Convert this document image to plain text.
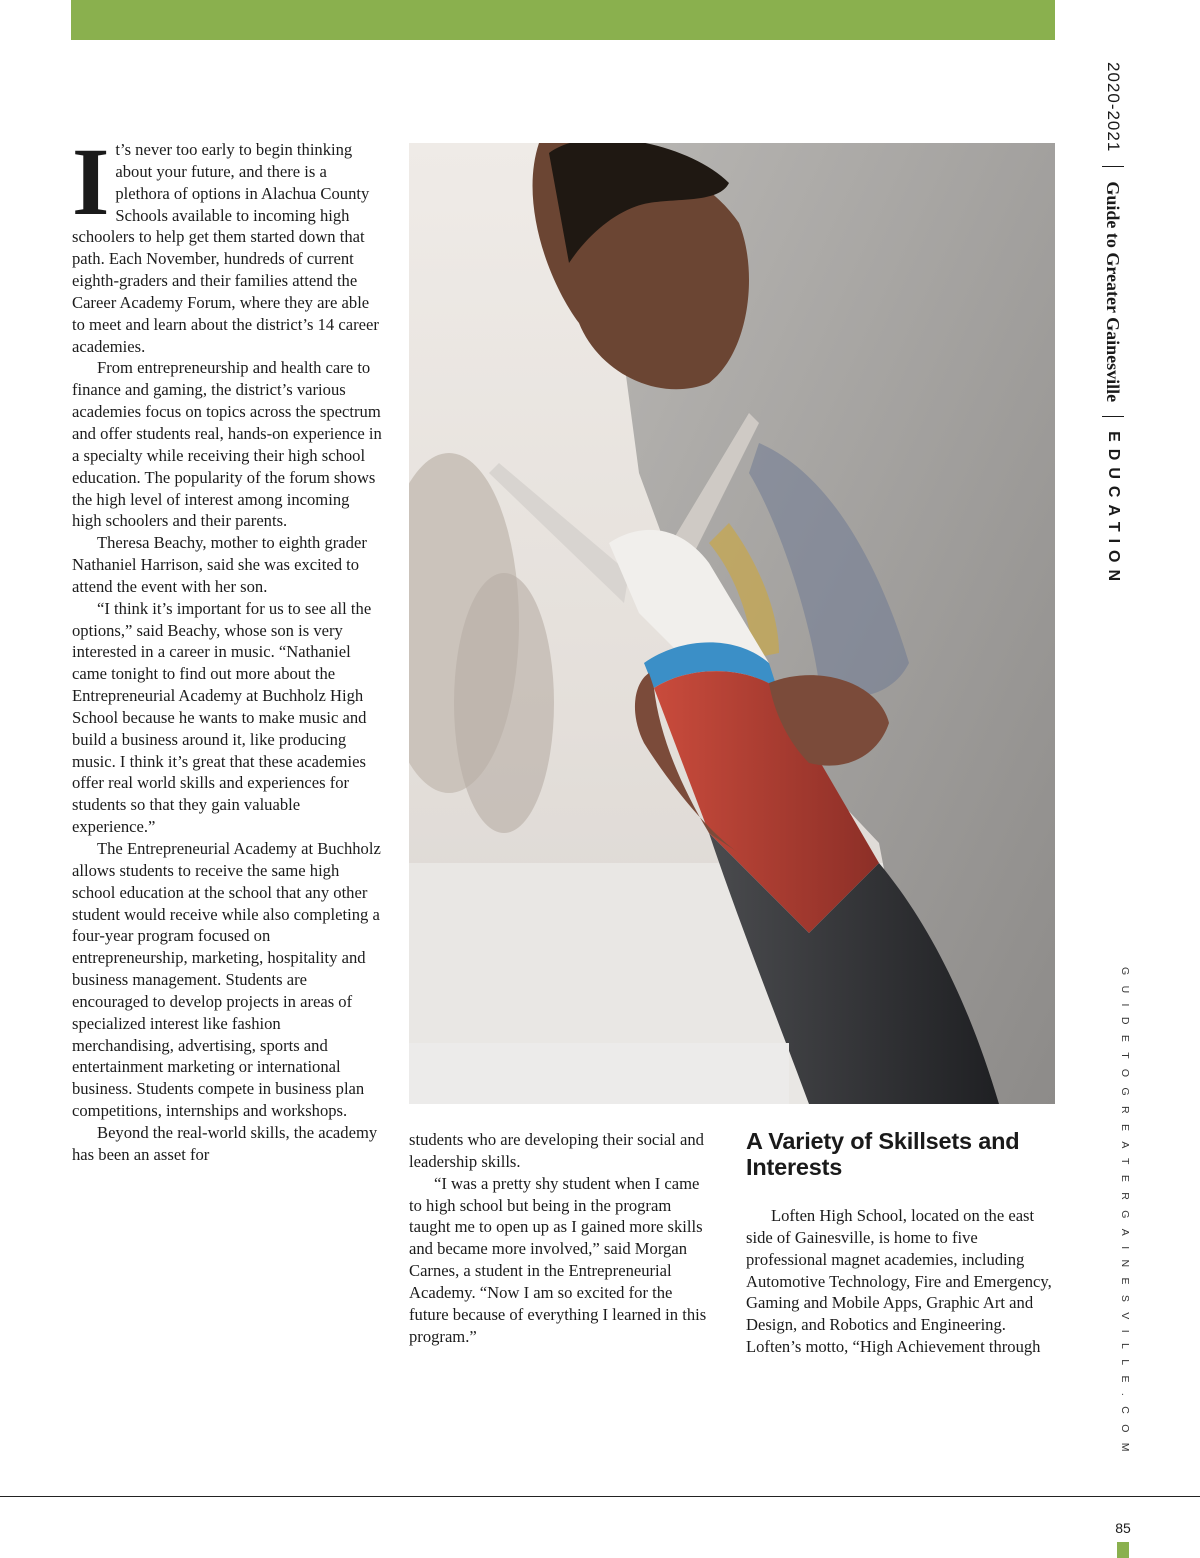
2020-2021
Guide to Greater Gainesville
EDUCATION
GUIDETOGREATERGAINESVILLE.COM

It’s never too early to begin thinking about your future, and there is a plethora of options in Alachua County Schools available to incoming high schoolers to help get them started down that path. Each November, hundreds of current eighth-graders and their families attend the Career Academy Forum, where they are able to meet and learn about the district’s 14 career academies.

From entrepreneurship and health care to finance and gaming, the district’s various academies focus on topics across the spectrum and offer students real, hands-on experience in a specialty while receiving their high school education. The popularity of the forum shows the high level of interest among incoming high schoolers and their parents.

Theresa Beachy, mother to eighth grader Nathaniel Harrison, said she was excited to attend the event with her son.

“I think it’s important for us to see all the options,” said Beachy, whose son is very interested in a career in music. “Nathaniel came tonight to find out more about the Entrepreneurial Academy at Buchholz High School because he wants to make music and build a business around it, like producing music. I think it’s great that these academies offer real world skills and experiences for students so that they gain valuable experience.”

The Entrepreneurial Academy at Buchholz allows students to receive the same high school education at the school that any other student would receive while also completing a four-year program focused on entrepreneurship, marketing, hospitality and business management. Students are encouraged to develop projects in areas of specialized interest like fashion merchandising, advertising, sports and entertainment marketing or international business. Students compete in business plan competitions, internships and workshops.

Beyond the real-world skills, the academy has been an asset for

students who are developing their social and leadership skills.

“I was a pretty shy student when I came to high school but being in the program taught me to open up as I gained more skills and became more involved,” said Morgan Carnes, a student in the Entrepreneurial Academy. “Now I am so excited for the future because of everything I learned in this program.”

A Variety of Skillsets and Interests

Loften High School, located on the east side of Gainesville, is home to five professional magnet academies, including Automotive Technology, Fire and Emergency, Gaming and Mobile Apps, Graphic Art and Design, and Robotics and Engineering. Loften’s motto, “High Achievement through

85
